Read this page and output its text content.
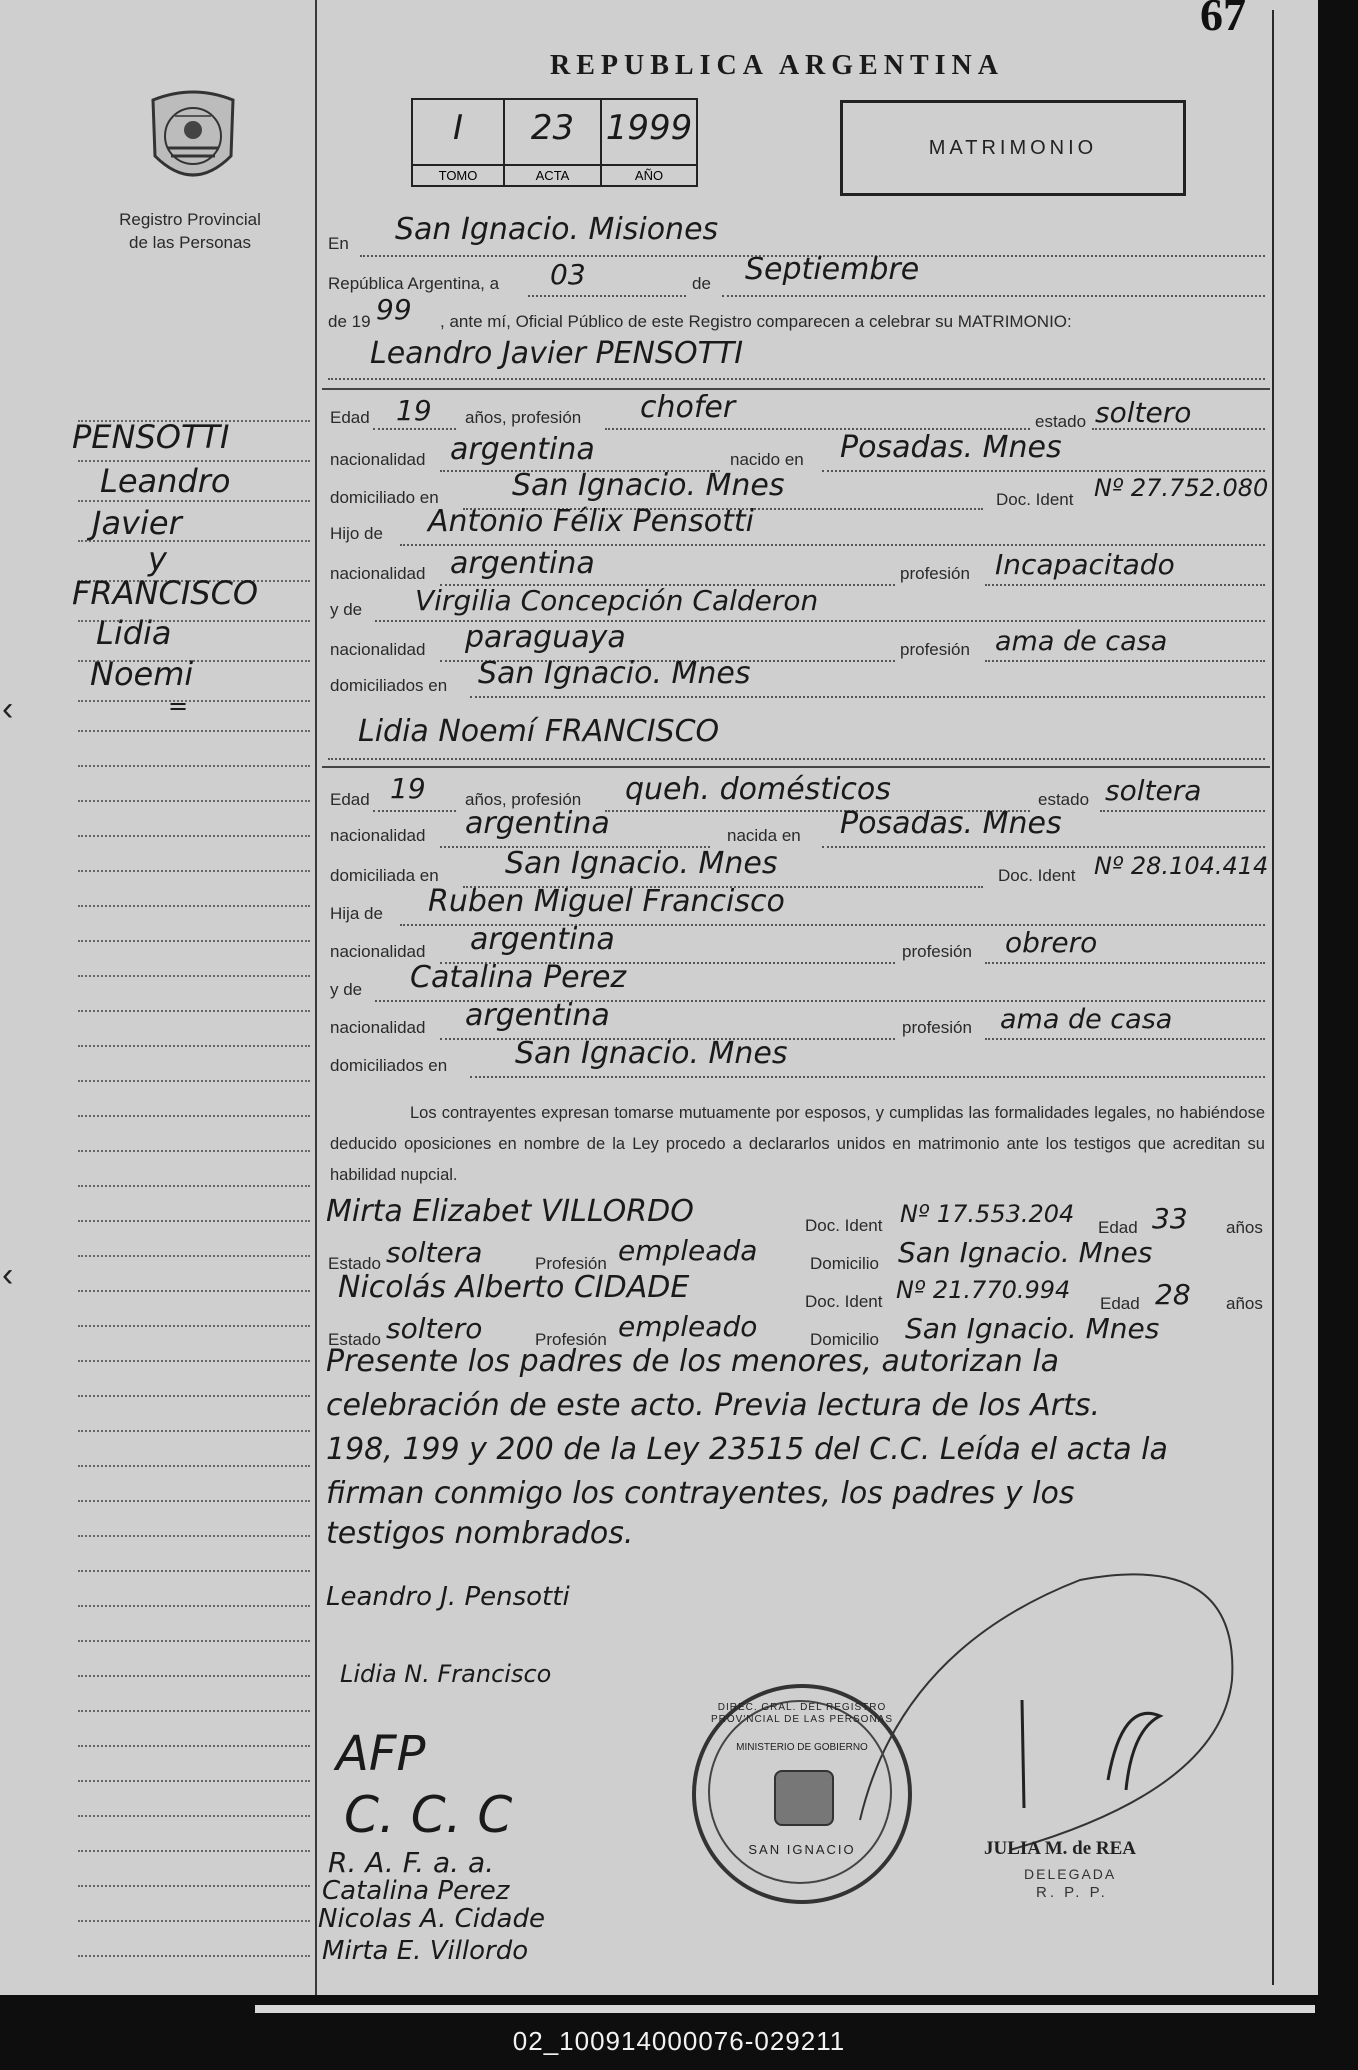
67
REPUBLICA ARGENTINA
I
TOMO
23
ACTA
1999
AÑO
MATRIMONIO
Registro Provincial
de las Personas
PENSOTTI
Leandro
Javier
y
FRANCISCO
Lidia
Noemi
=
En San Ignacio. Misiones
República Argentina, a 03	de Septiembre
de 19 99 , ante mí, Oficial Público de este Registro comparecen a celebrar su MATRIMONIO:
Leandro Javier PENSOTTI
Edad 19 años, profesión chofer	estado soltero
nacionalidad argentina	nacido en Posadas. Mnes
domiciliado en San Ignacio. Mnes	Doc. Ident Nº 27.752.080
Hijo de Antonio Félix Pensotti
nacionalidad argentina	profesión Incapacitado
y de Virgilia Concepción Calderon
nacionalidad paraguaya	profesión ama de casa
domiciliados en San Ignacio. Mnes
Lidia Noemí FRANCISCO
Edad 19 años, profesión queh. domésticos	estado soltera
nacionalidad argentina	nacida en Posadas. Mnes
domiciliada en San Ignacio. Mnes	Doc. Ident Nº 28.104.414
Hija de Ruben Miguel Francisco
nacionalidad argentina	profesión obrero
y de Catalina Perez
nacionalidad argentina	profesión ama de casa
domiciliados en San Ignacio. Mnes
Los contrayentes expresan tomarse mutuamente por esposos, y cumplidas las formalidades legales, no habiéndose deducido oposiciones en nombre de la Ley procedo a declararlos unidos en matrimonio ante los testigos que acreditan su habilidad nupcial.
Mirta Elizabet VILLORDO	Doc. Ident Nº 17.553.204 Edad 33 años
Estado soltera	Profesión empleada	Domicilio San Ignacio. Mnes
Nicolás Alberto CIDADE	Doc. Ident Nº 21.770.994 Edad 28 años
Estado soltero	Profesión empleado	Domicilio San Ignacio. Mnes
Presente los padres de los menores, autorizan la
celebración de este acto. Previa lectura de los Arts.
198, 199 y 200 de la Ley 23515 del C.C. Leída el acta la
firman conmigo los contrayentes, los padres y los
testigos nombrados.
Leandro J. Pensotti
Lidia N. Francisco
AFP
C. C. C
R. A. F. a. a.
Catalina Perez
Nicolas A. Cidade
Mirta E. Villordo
DIREC. GRAL. DEL REGISTRO PROV'NCIAL DE LAS PERSONAS
MINISTERIO DE GOBIERNO
SAN IGNACIO	JULIA M. de REA
DELEGADA
R. P. P.
‹
‹
02_100914000076-029211
